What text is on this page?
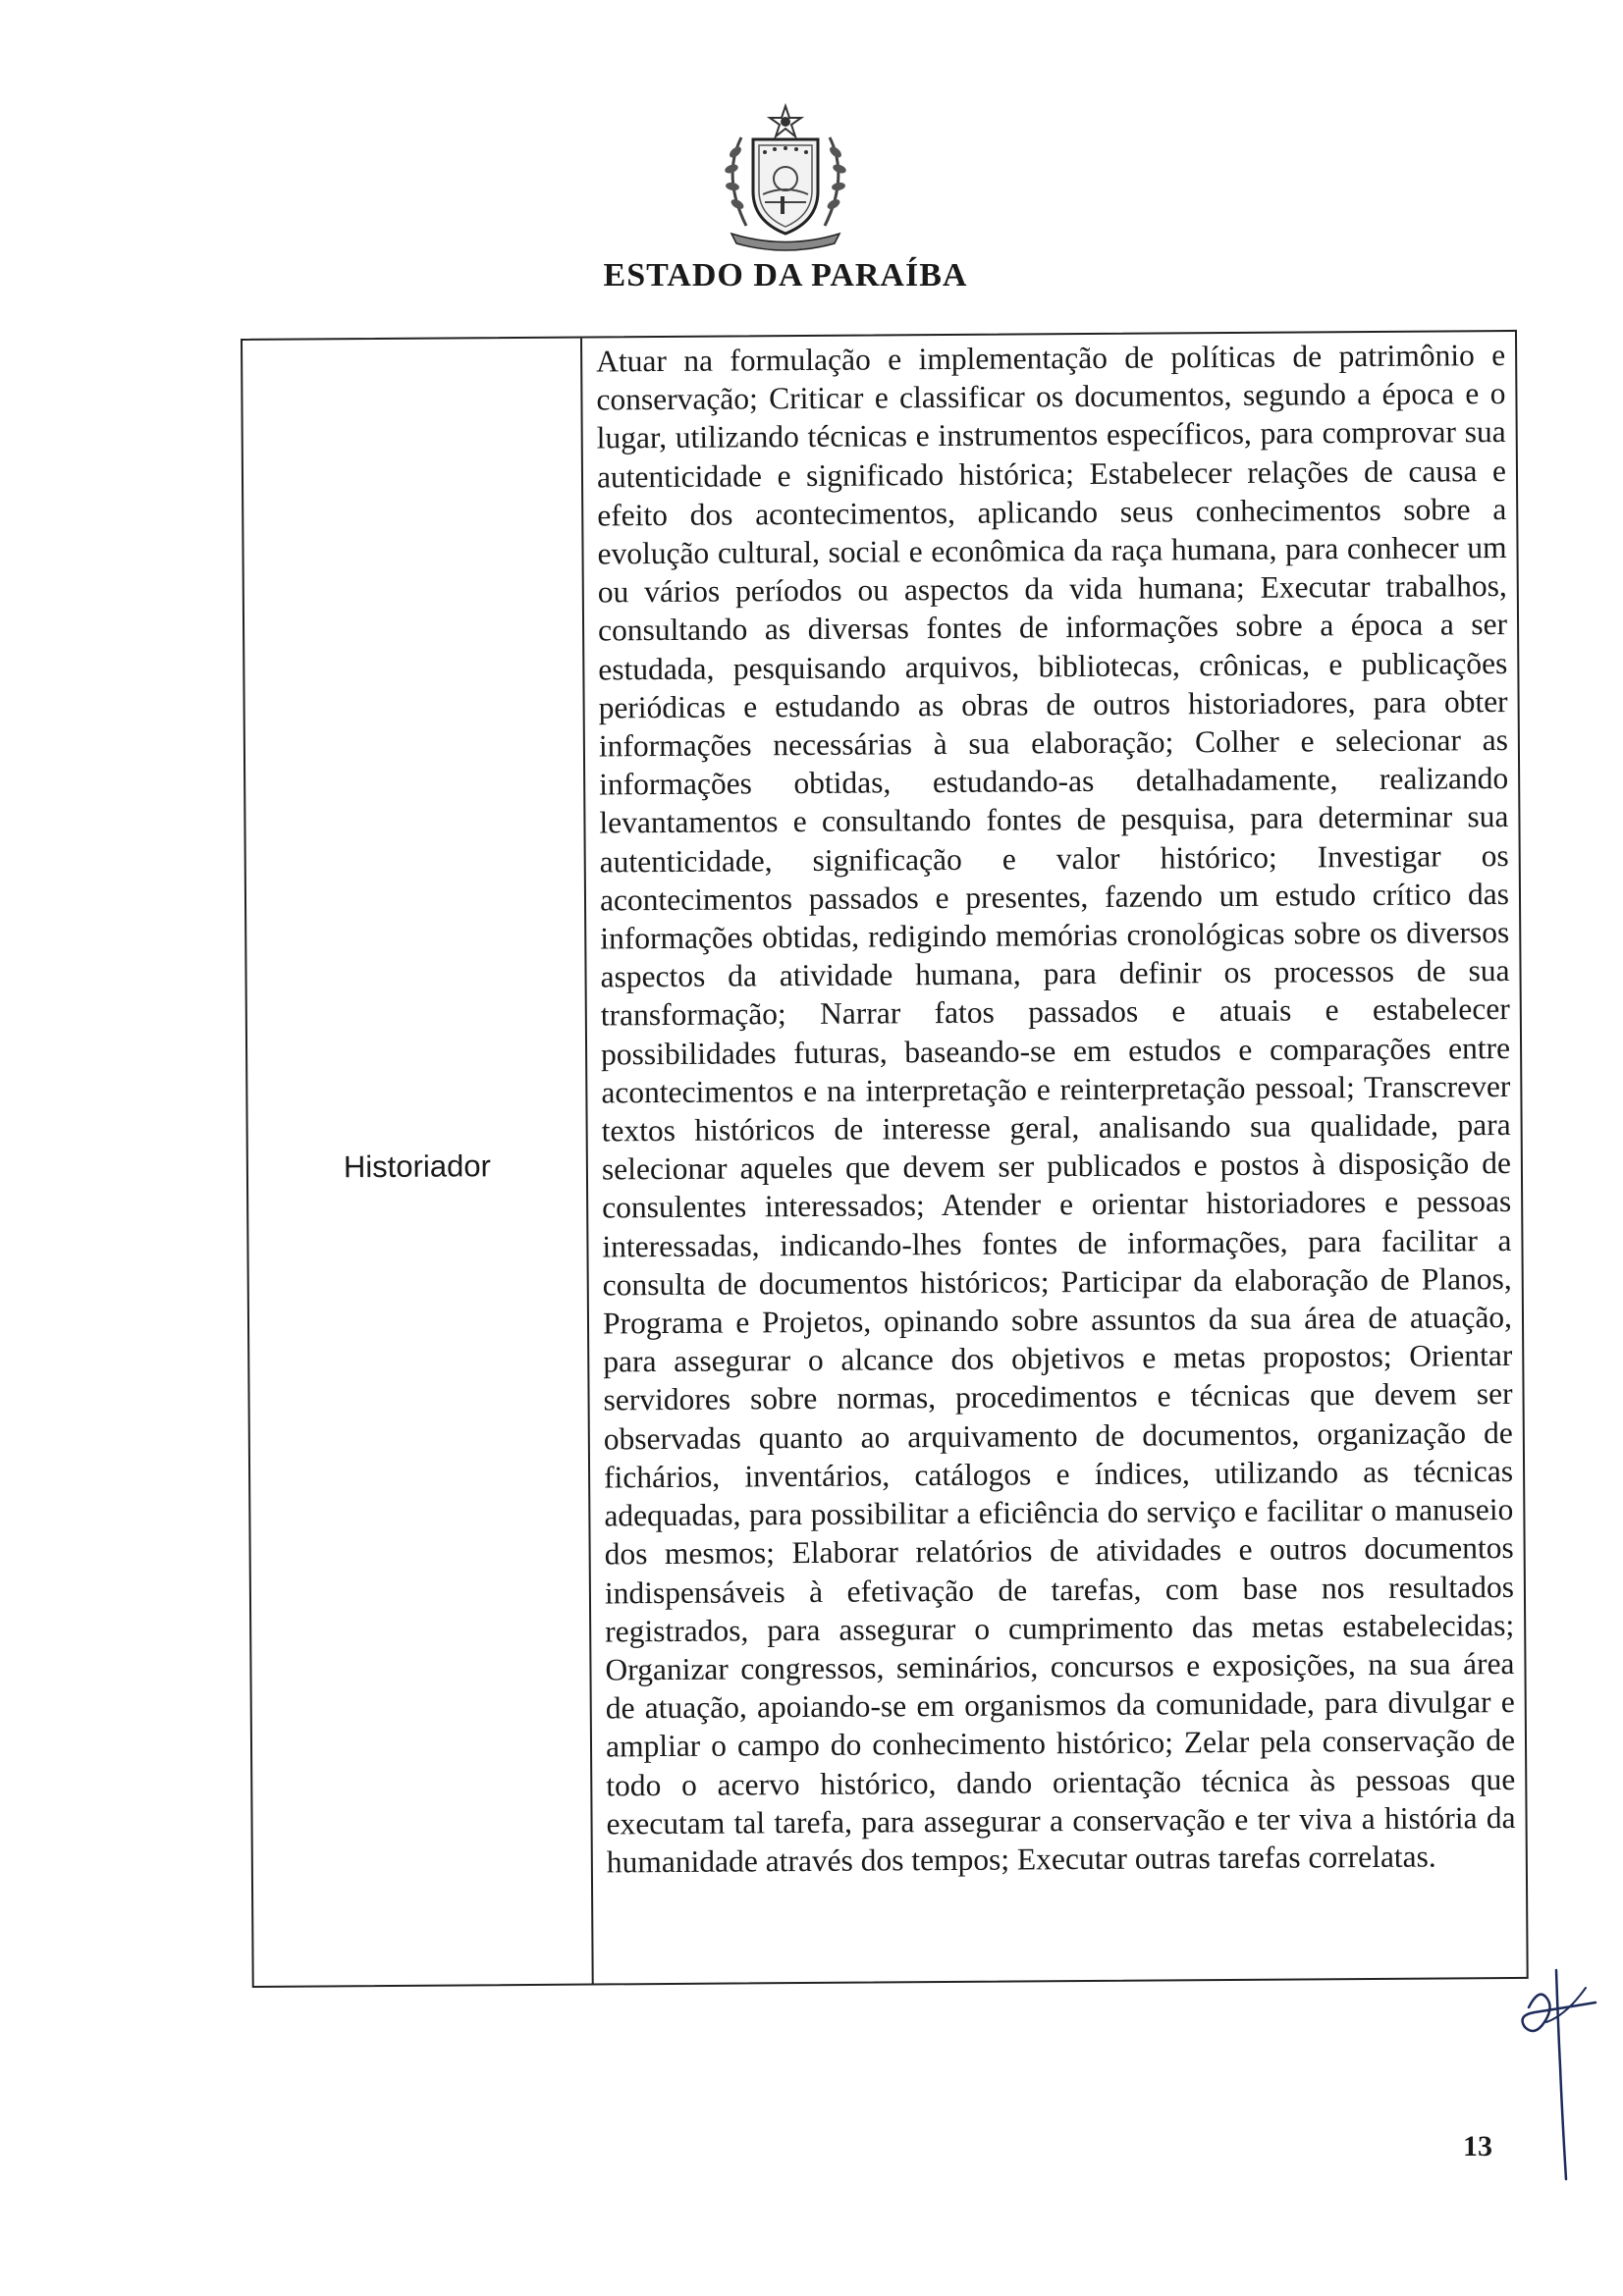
ESTADO DA PARAÍBA
Historiador
Atuar na formulação e implementação de políticas de patrimônio e conservação; Criticar e classificar os documentos, segundo a época e o lugar, utilizando técnicas e instrumentos específicos, para comprovar sua autenticidade e significado histórica; Estabelecer relações de causa e efeito dos acontecimentos, aplicando seus conhecimentos sobre a evolução cultural, social e econômica da raça humana, para conhecer um ou vários períodos ou aspectos da vida humana; Executar trabalhos, consultando as diversas fontes de informações sobre a época a ser estudada, pesquisando arquivos, bibliotecas, crônicas, e publicações periódicas e estudando as obras de outros historiadores, para obter informações necessárias à sua elaboração; Colher e selecionar as informações obtidas, estudando-as detalhadamente, realizando levantamentos e consultando fontes de pesquisa, para determinar sua autenticidade, significação e valor histórico; Investigar os acontecimentos passados e presentes, fazendo um estudo crítico das informações obtidas, redigindo memórias cronológicas sobre os diversos aspectos da atividade humana, para definir os processos de sua transformação; Narrar fatos passados e atuais e estabelecer possibilidades futuras, baseando-se em estudos e comparações entre acontecimentos e na interpretação e reinterpretação pessoal; Transcrever textos históricos de interesse geral, analisando sua qualidade, para selecionar aqueles que devem ser publicados e postos à disposição de consulentes interessados; Atender e orientar historiadores e pessoas interessadas, indicando-lhes fontes de informações, para facilitar a consulta de documentos históricos; Participar da elaboração de Planos, Programa e Projetos, opinando sobre assuntos da sua área de atuação, para assegurar o alcance dos objetivos e metas propostos; Orientar servidores sobre normas, procedimentos e técnicas que devem ser observadas quanto ao arquivamento de documentos, organização de fichários, inventários, catálogos e índices, utilizando as técnicas adequadas, para possibilitar a eficiência do serviço e facilitar o manuseio dos mesmos; Elaborar relatórios de atividades e outros documentos indispensáveis à efetivação de tarefas, com base nos resultados registrados, para assegurar o cumprimento das metas estabelecidas; Organizar congressos, seminários, concursos e exposições, na sua área de atuação, apoiando-se em organismos da comunidade, para divulgar e ampliar o campo do conhecimento histórico; Zelar pela conservação de todo o acervo histórico, dando orientação técnica às pessoas que executam tal tarefa, para assegurar a conservação e ter viva a história da humanidade através dos tempos; Executar outras tarefas correlatas.
13
